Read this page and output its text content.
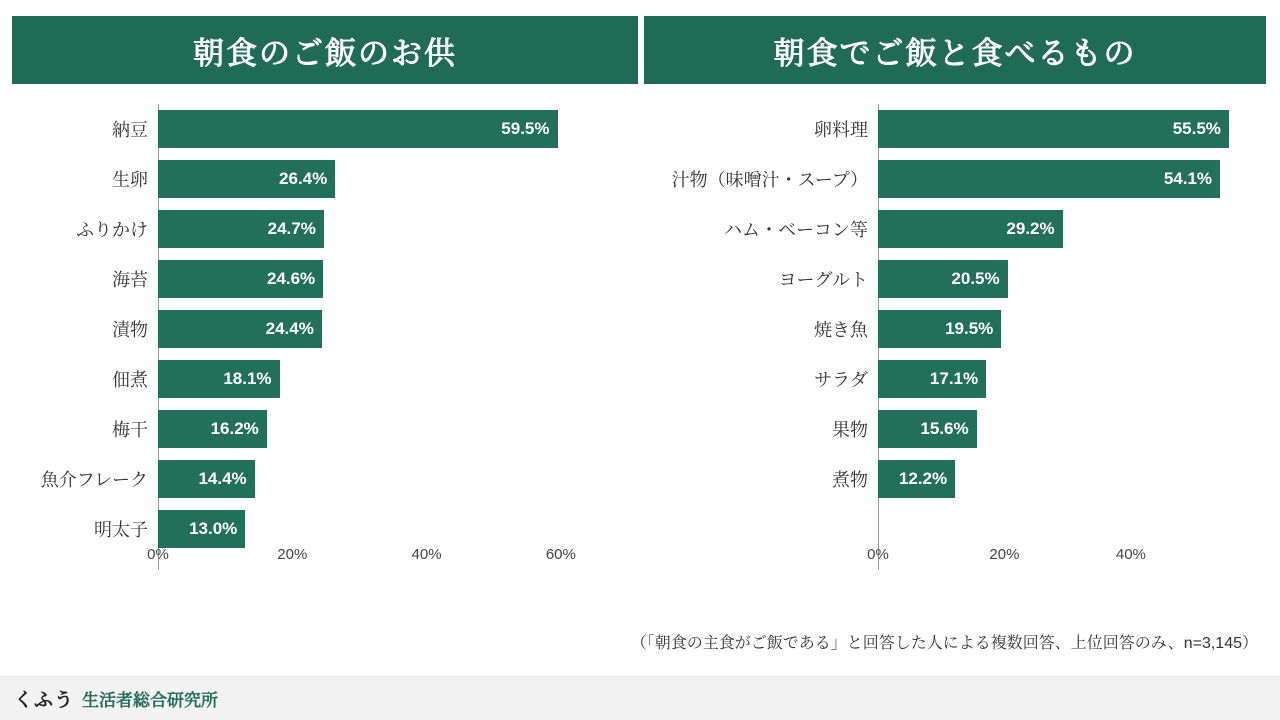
朝食のご飯のお供	朝食でご飯と食べるもの
納豆	59.5%
生卵	26.4%
ふりかけ	24.7%
海苔	24.6%
漬物	24.4%
佃煮	18.1%
梅干	16.2%
魚介フレーク	14.4%
明太子	13.0%
0%	20%	40%	60%
卵料理	55.5%
汁物（味噌汁・スープ）	54.1%
ハム・ベーコン等	29.2%
ヨーグルト	20.5%
焼き魚	19.5%
サラダ	17.1%
果物	15.6%
煮物	12.2%
0%	20%	40%
（「朝食の主食がご飯である」と回答した人による複数回答、上位回答のみ、n=3,145）
くふう 生活者総合研究所
